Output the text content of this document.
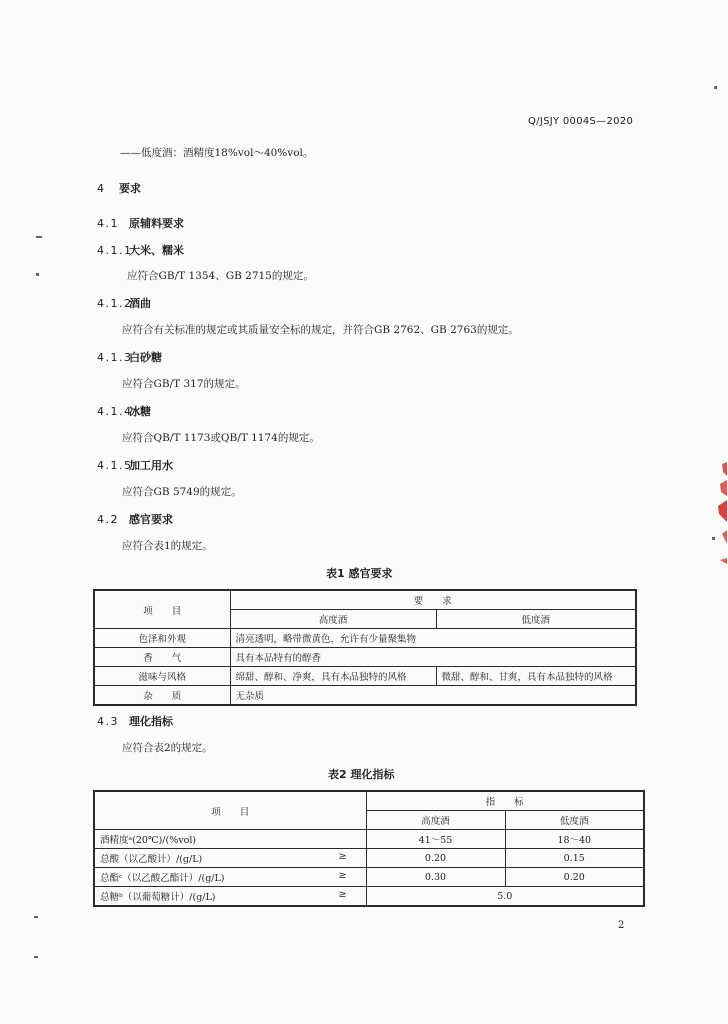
Q/JSJY 0004S—2020
——低度酒：酒精度18%vol～40%vol。
4 要求
4.1 原辅料要求
4.1.1大米、糯米
应符合GB/T 1354、GB 2715的规定。
4.1.2酒曲
应符合有关标准的规定或其质量安全标的规定，并符合GB 2762、GB 2763的规定。
4.1.3白砂糖
应符合GB/T 317的规定。
4.1.4冰糖
应符合QB/T 1173或QB/T 1174的规定。
4.1.5加工用水
应符合GB 5749的规定。
4.2 感官要求
应符合表1的规定。
表1 感官要求
项　　目	要　　求	
	高度酒	低度酒
色泽和外观	清亮透明，略带微黄色，允许有少量聚集物	
香　　气	具有本品特有的醇香	
滋味与风格	绵甜、醇和、净爽，具有本品独特的风格	微甜、醇和、甘爽，具有本品独特的风格
杂　　质	无杂质	
4.3 理化指标
应符合表2的规定。
表2 理化指标
项　　目	指　　标	
	高度酒	低度酒
酒精度ᵃ(20℃)/(%vol)	41～55	18～40
总酸（以乙酸计）/(g/L) ≥	0.20	0.15
总酯ᶜ（以乙酸乙酯计）/(g/L) ≥	0.30	0.20
总糖ᵇ（以葡萄糖计）/(g/L) ≥	5.0	
2
